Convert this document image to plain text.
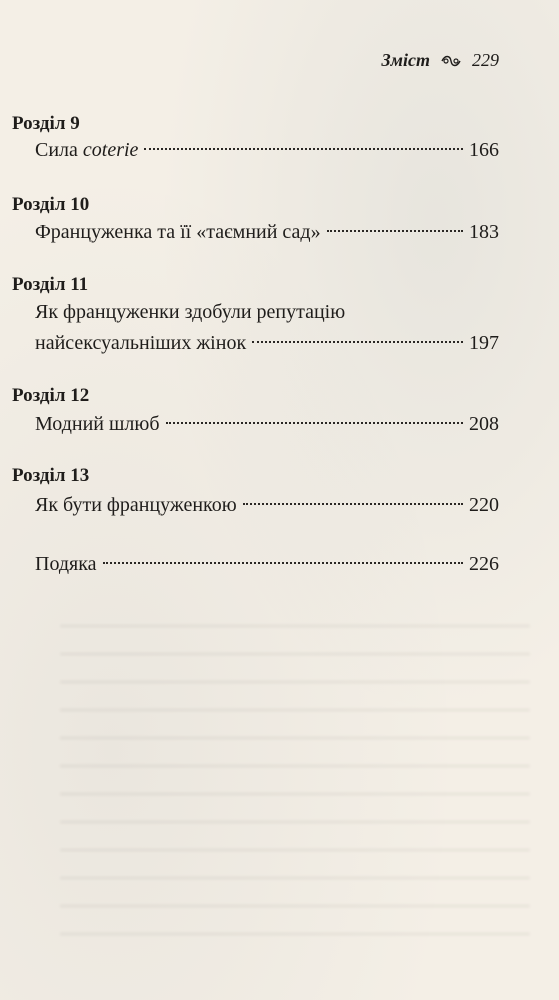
Зміст 229
Розділ 9
Сила coterie	166
Розділ 10
Француженка та її «таємний сад»	183
Розділ 11
Як француженки здобули репутацію
найсексуальніших жінок	197
Розділ 12
Модний шлюб	208
Розділ 13
Як бути француженкою	220
Подяка	226
